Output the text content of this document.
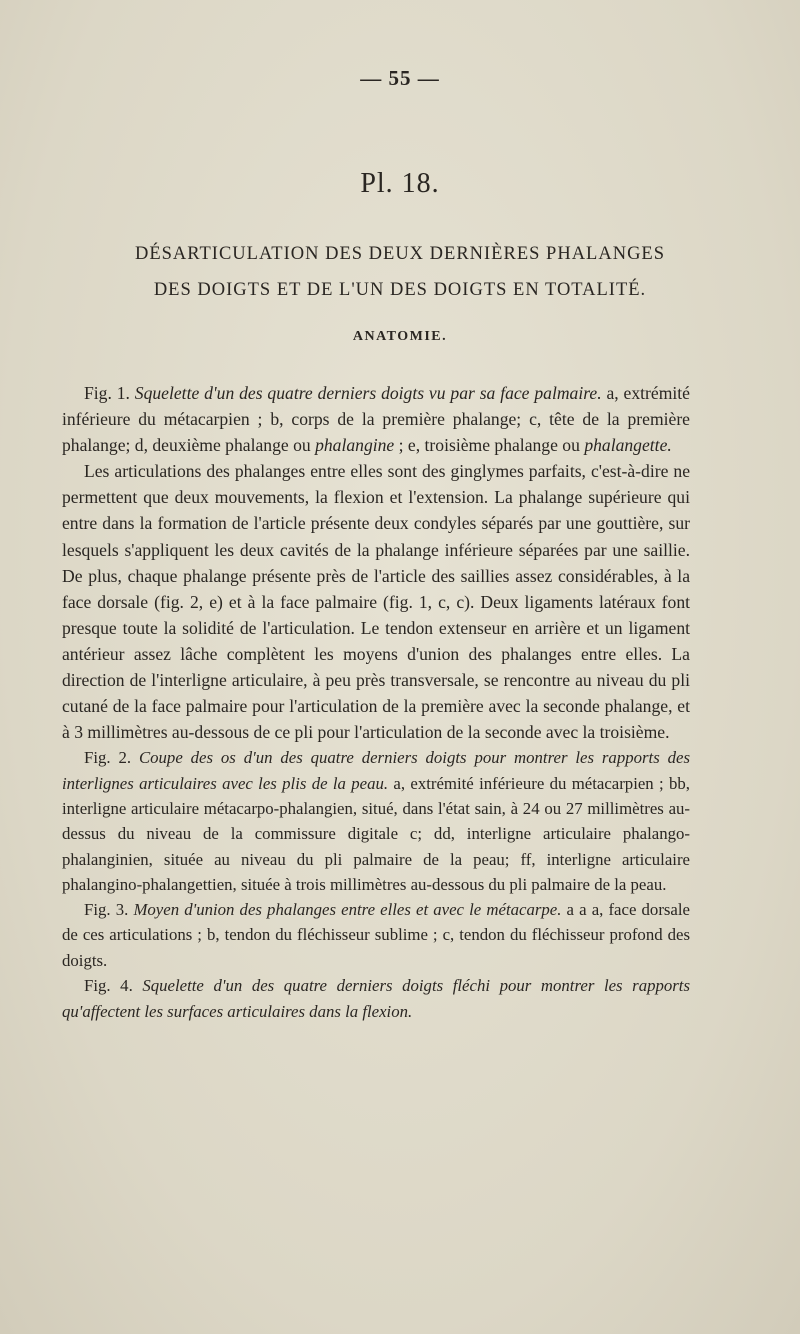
— 55 —
Pl. 18.
DÉSARTICULATION DES DEUX DERNIÈRES PHALANGES
DES DOIGTS ET DE L'UN DES DOIGTS EN TOTALITÉ.
ANATOMIE.

Fig. 1. Squelette d'un des quatre derniers doigts vu par sa face palmaire. a, extrémité inférieure du métacarpien ; b, corps de la première phalange; c, tête de la première phalange; d, deuxième phalange ou phalangine ; e, troisième phalange ou phalangette.

Les articulations des phalanges entre elles sont des ginglymes parfaits, c'est-à-dire ne permettent que deux mouvements, la flexion et l'extension. La phalange supérieure qui entre dans la formation de l'article présente deux condyles séparés par une gouttière, sur lesquels s'appliquent les deux cavités de la phalange inférieure séparées par une saillie. De plus, chaque phalange présente près de l'article des saillies assez considérables, à la face dorsale (fig. 2, e) et à la face palmaire (fig. 1, c, c). Deux ligaments latéraux font presque toute la solidité de l'articulation. Le tendon extenseur en arrière et un ligament antérieur assez lâche complètent les moyens d'union des phalanges entre elles. La direction de l'interligne articulaire, à peu près transversale, se rencontre au niveau du pli cutané de la face palmaire pour l'articulation de la première avec la seconde phalange, et à 3 millimètres au-dessous de ce pli pour l'articulation de la seconde avec la troisième.

Fig. 2. Coupe des os d'un des quatre derniers doigts pour montrer les rapports des interlignes articulaires avec les plis de la peau. a, extrémité inférieure du métacarpien ; bb, interligne articulaire métacarpo-phalangien, situé, dans l'état sain, à 24 ou 27 millimètres au-dessus du niveau de la commissure digitale c; dd, interligne articulaire phalango-phalanginien, située au niveau du pli palmaire de la peau; ff, interligne articulaire phalangino-phalangettien, située à trois millimètres au-dessous du pli palmaire de la peau.

Fig. 3. Moyen d'union des phalanges entre elles et avec le métacarpe. a a a, face dorsale de ces articulations ; b, tendon du fléchisseur sublime ; c, tendon du fléchisseur profond des doigts.

Fig. 4. Squelette d'un des quatre derniers doigts fléchi pour montrer les rapports qu'affectent les surfaces articulaires dans la flexion.
